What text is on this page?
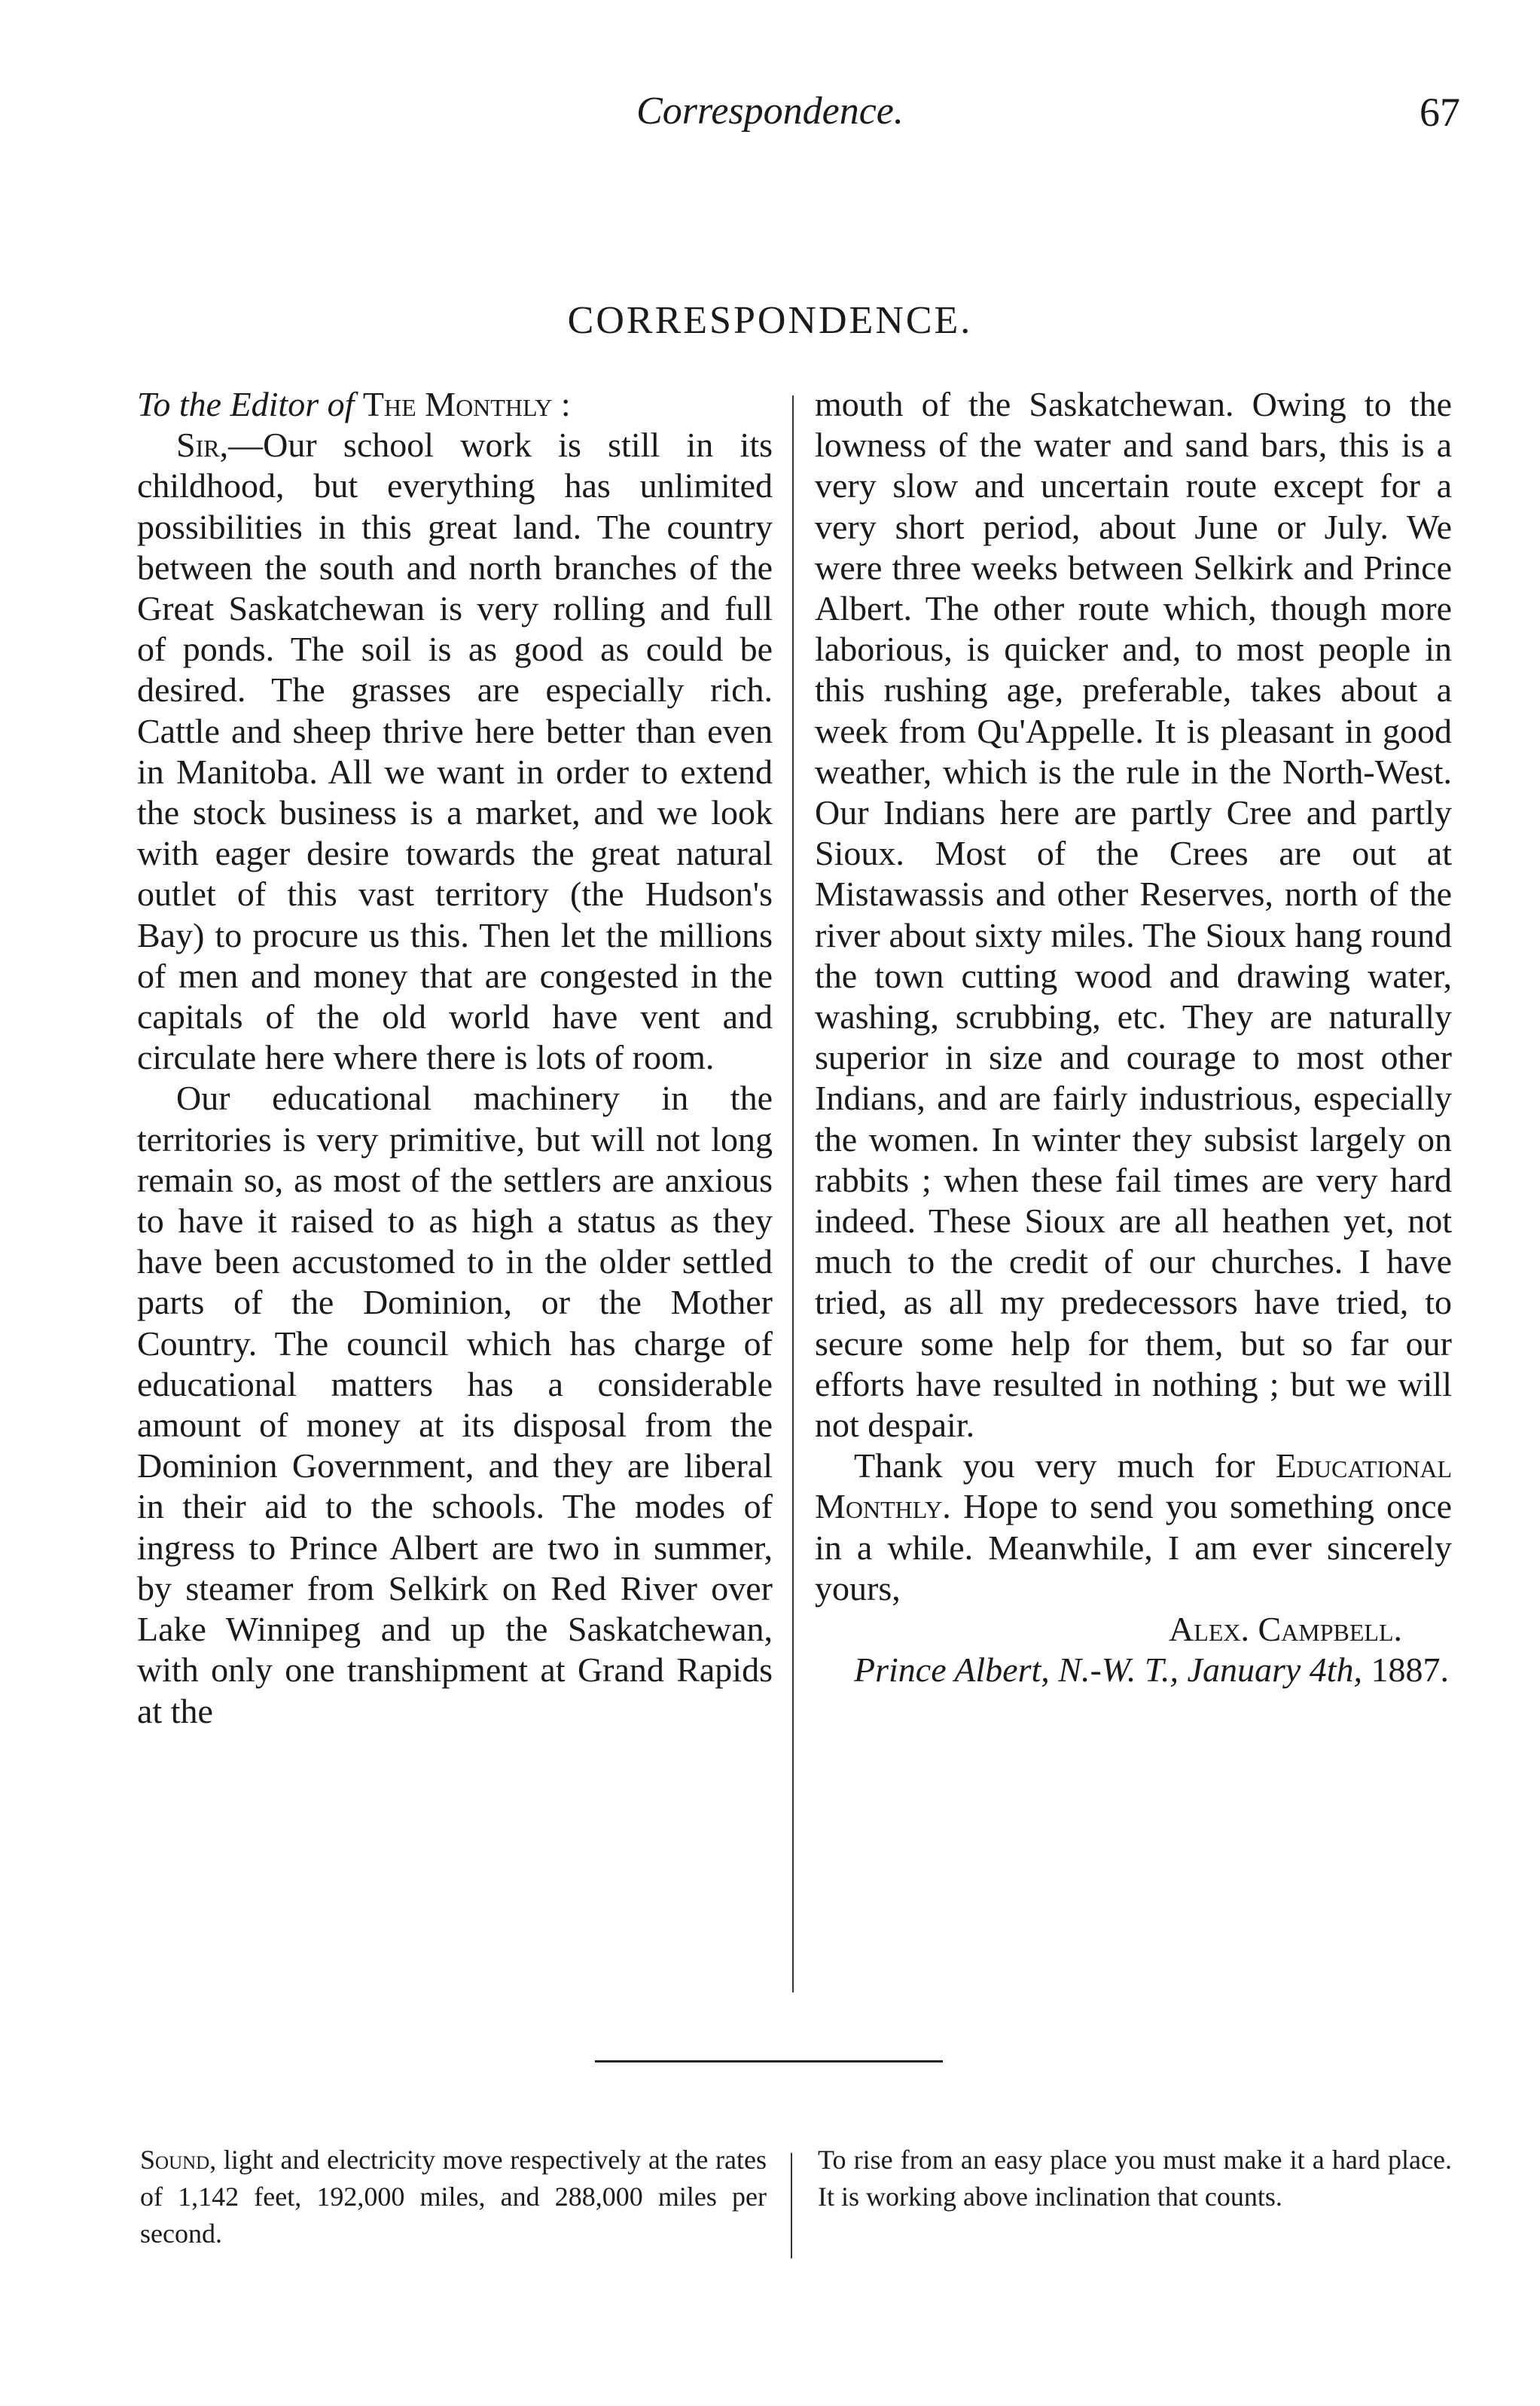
Correspondence.	67
CORRESPONDENCE.

To the Editor of The Monthly :

Sir,—Our school work is still in its childhood, but everything has unlimited possibilities in this great land. The country between the south and north branches of the Great Saskatchewan is very rolling and full of ponds. The soil is as good as could be desired. The grasses are especially rich. Cattle and sheep thrive here better than even in Manitoba. All we want in order to extend the stock business is a market, and we look with eager desire towards the great natural outlet of this vast territory (the Hudson's Bay) to procure us this. Then let the millions of men and money that are congested in the capitals of the old world have vent and circulate here where there is lots of room.

Our educational machinery in the territories is very primitive, but will not long remain so, as most of the settlers are anxious to have it raised to as high a status as they have been accustomed to in the older settled parts of the Dominion, or the Mother Country. The council which has charge of educational matters has a considerable amount of money at its disposal from the Dominion Government, and they are liberal in their aid to the schools. The modes of ingress to Prince Albert are two in summer, by steamer from Selkirk on Red River over Lake Winnipeg and up the Saskatchewan, with only one transhipment at Grand Rapids at the

mouth of the Saskatchewan. Owing to the lowness of the water and sand bars, this is a very slow and uncertain route except for a very short period, about June or July. We were three weeks between Selkirk and Prince Albert. The other route which, though more laborious, is quicker and, to most people in this rushing age, preferable, takes about a week from Qu'Appelle. It is pleasant in good weather, which is the rule in the North-West. Our Indians here are partly Cree and partly Sioux. Most of the Crees are out at Mistawassis and other Reserves, north of the river about sixty miles. The Sioux hang round the town cutting wood and drawing water, washing, scrubbing, etc. They are naturally superior in size and courage to most other Indians, and are fairly industrious, especially the women. In winter they subsist largely on rabbits ; when these fail times are very hard indeed. These Sioux are all heathen yet, not much to the credit of our churches. I have tried, as all my predecessors have tried, to secure some help for them, but so far our efforts have resulted in nothing ; but we will not despair.

Thank you very much for Educational Monthly. Hope to send you something once in a while. Meanwhile, I am ever sincerely yours,

Alex. Campbell.

Prince Albert, N.-W. T., January 4th, 1887.

Sound, light and electricity move respectively at the rates of 1,142 feet, 192,000 miles, and 288,000 miles per second.
To rise from an easy place you must make it a hard place. It is working above inclination that counts.
